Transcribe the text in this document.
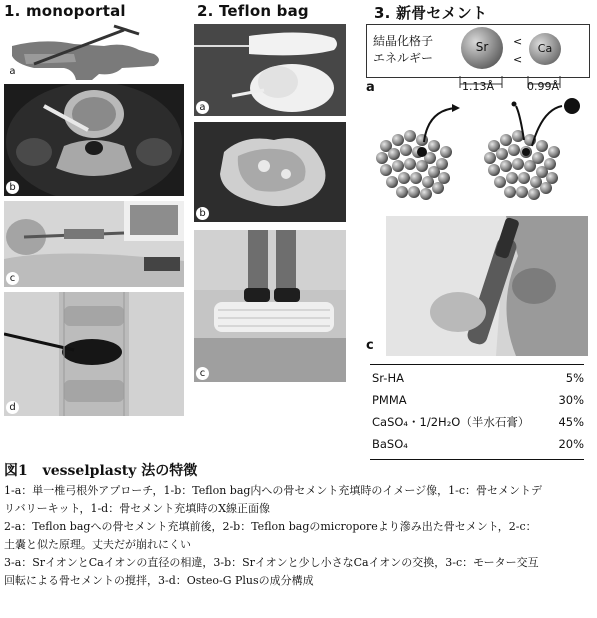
1. monoportal	2. Teflon bag	3. 新骨セメント
a
b
c
d
a
b
c
結晶化格子
エネルギー
Sr	<
<
Ca
1.13Å	0.99Å
a
c
Sr-HA	5%
PMMA	30%
CaSO₄・1/2H₂O（半水石膏）	45%
BaSO₄	20%
図1 vesselplasty 法の特徴
1-a：単一椎弓根外アプローチ，1-b：Teflon bag内への骨セメント充填時のイメージ像，1-c：骨セメントデ
リバリーキット，1-d：骨セメント充填時のX線正面像
2-a：Teflon bagへの骨セメント充填前後，2-b：Teflon bagのmicroporeより滲み出た骨セメント，2-c：
土嚢と似た原理。丈夫だが崩れにくい
3-a：SrイオンとCaイオンの直径の相違，3-b：Srイオンと少し小さなCaイオンの交換，3-c：モーター交互
回転による骨セメントの撹拌，3-d：Osteo-G Plusの成分構成
